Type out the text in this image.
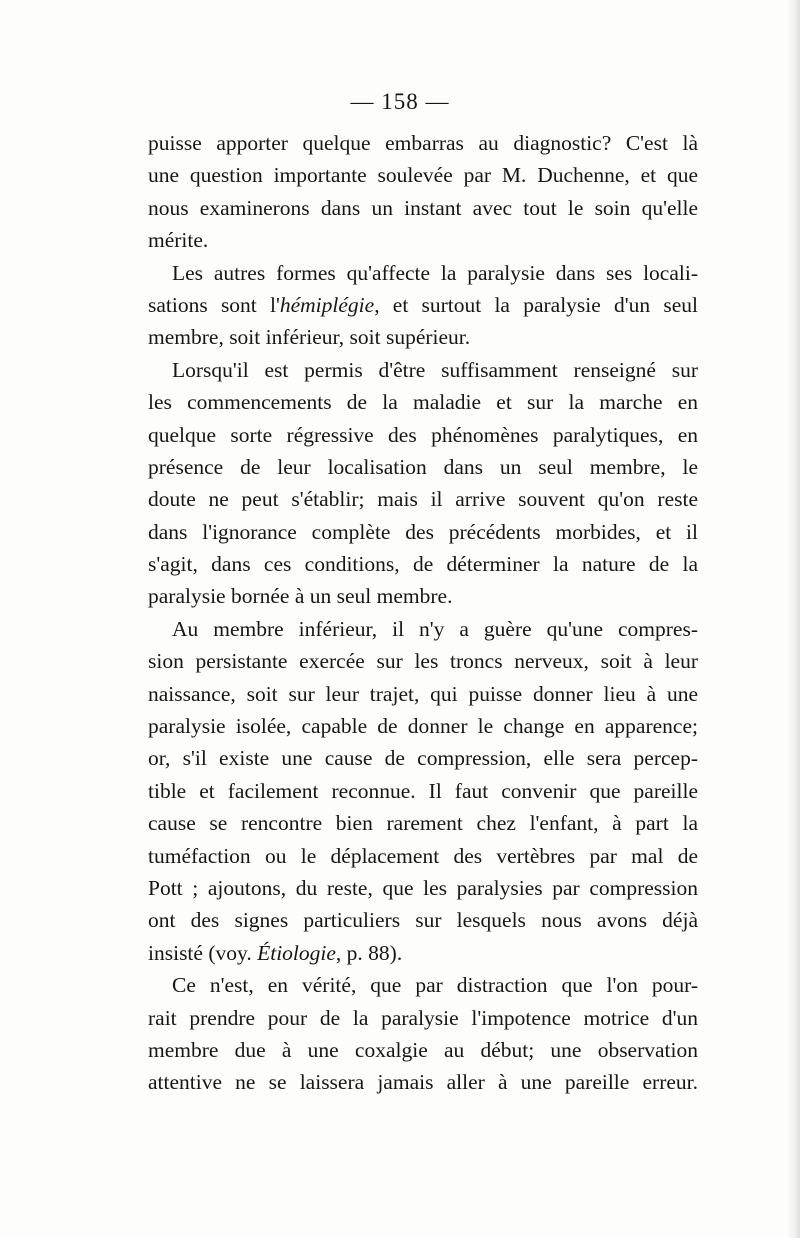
— 158 —
puisse apporter quelque embarras au diagnostic? C'est là
une question importante soulevée par M. Duchenne, et que
nous examinerons dans un instant avec tout le soin qu'elle
mérite.
Les autres formes qu'affecte la paralysie dans ses locali-
sations sont l'hémiplégie, et surtout la paralysie d'un seul
membre, soit inférieur, soit supérieur.
Lorsqu'il est permis d'être suffisamment renseigné sur
les commencements de la maladie et sur la marche en
quelque sorte régressive des phénomènes paralytiques, en
présence de leur localisation dans un seul membre, le
doute ne peut s'établir; mais il arrive souvent qu'on reste
dans l'ignorance complète des précédents morbides, et il
s'agit, dans ces conditions, de déterminer la nature de la
paralysie bornée à un seul membre.
Au membre inférieur, il n'y a guère qu'une compres-
sion persistante exercée sur les troncs nerveux, soit à leur
naissance, soit sur leur trajet, qui puisse donner lieu à une
paralysie isolée, capable de donner le change en apparence;
or, s'il existe une cause de compression, elle sera percep-
tible et facilement reconnue. Il faut convenir que pareille
cause se rencontre bien rarement chez l'enfant, à part la
tuméfaction ou le déplacement des vertèbres par mal de
Pott ; ajoutons, du reste, que les paralysies par compression
ont des signes particuliers sur lesquels nous avons déjà
insisté (voy. Étiologie, p. 88).
Ce n'est, en vérité, que par distraction que l'on pour-
rait prendre pour de la paralysie l'impotence motrice d'un
membre due à une coxalgie au début; une observation
attentive ne se laissera jamais aller à une pareille erreur.
